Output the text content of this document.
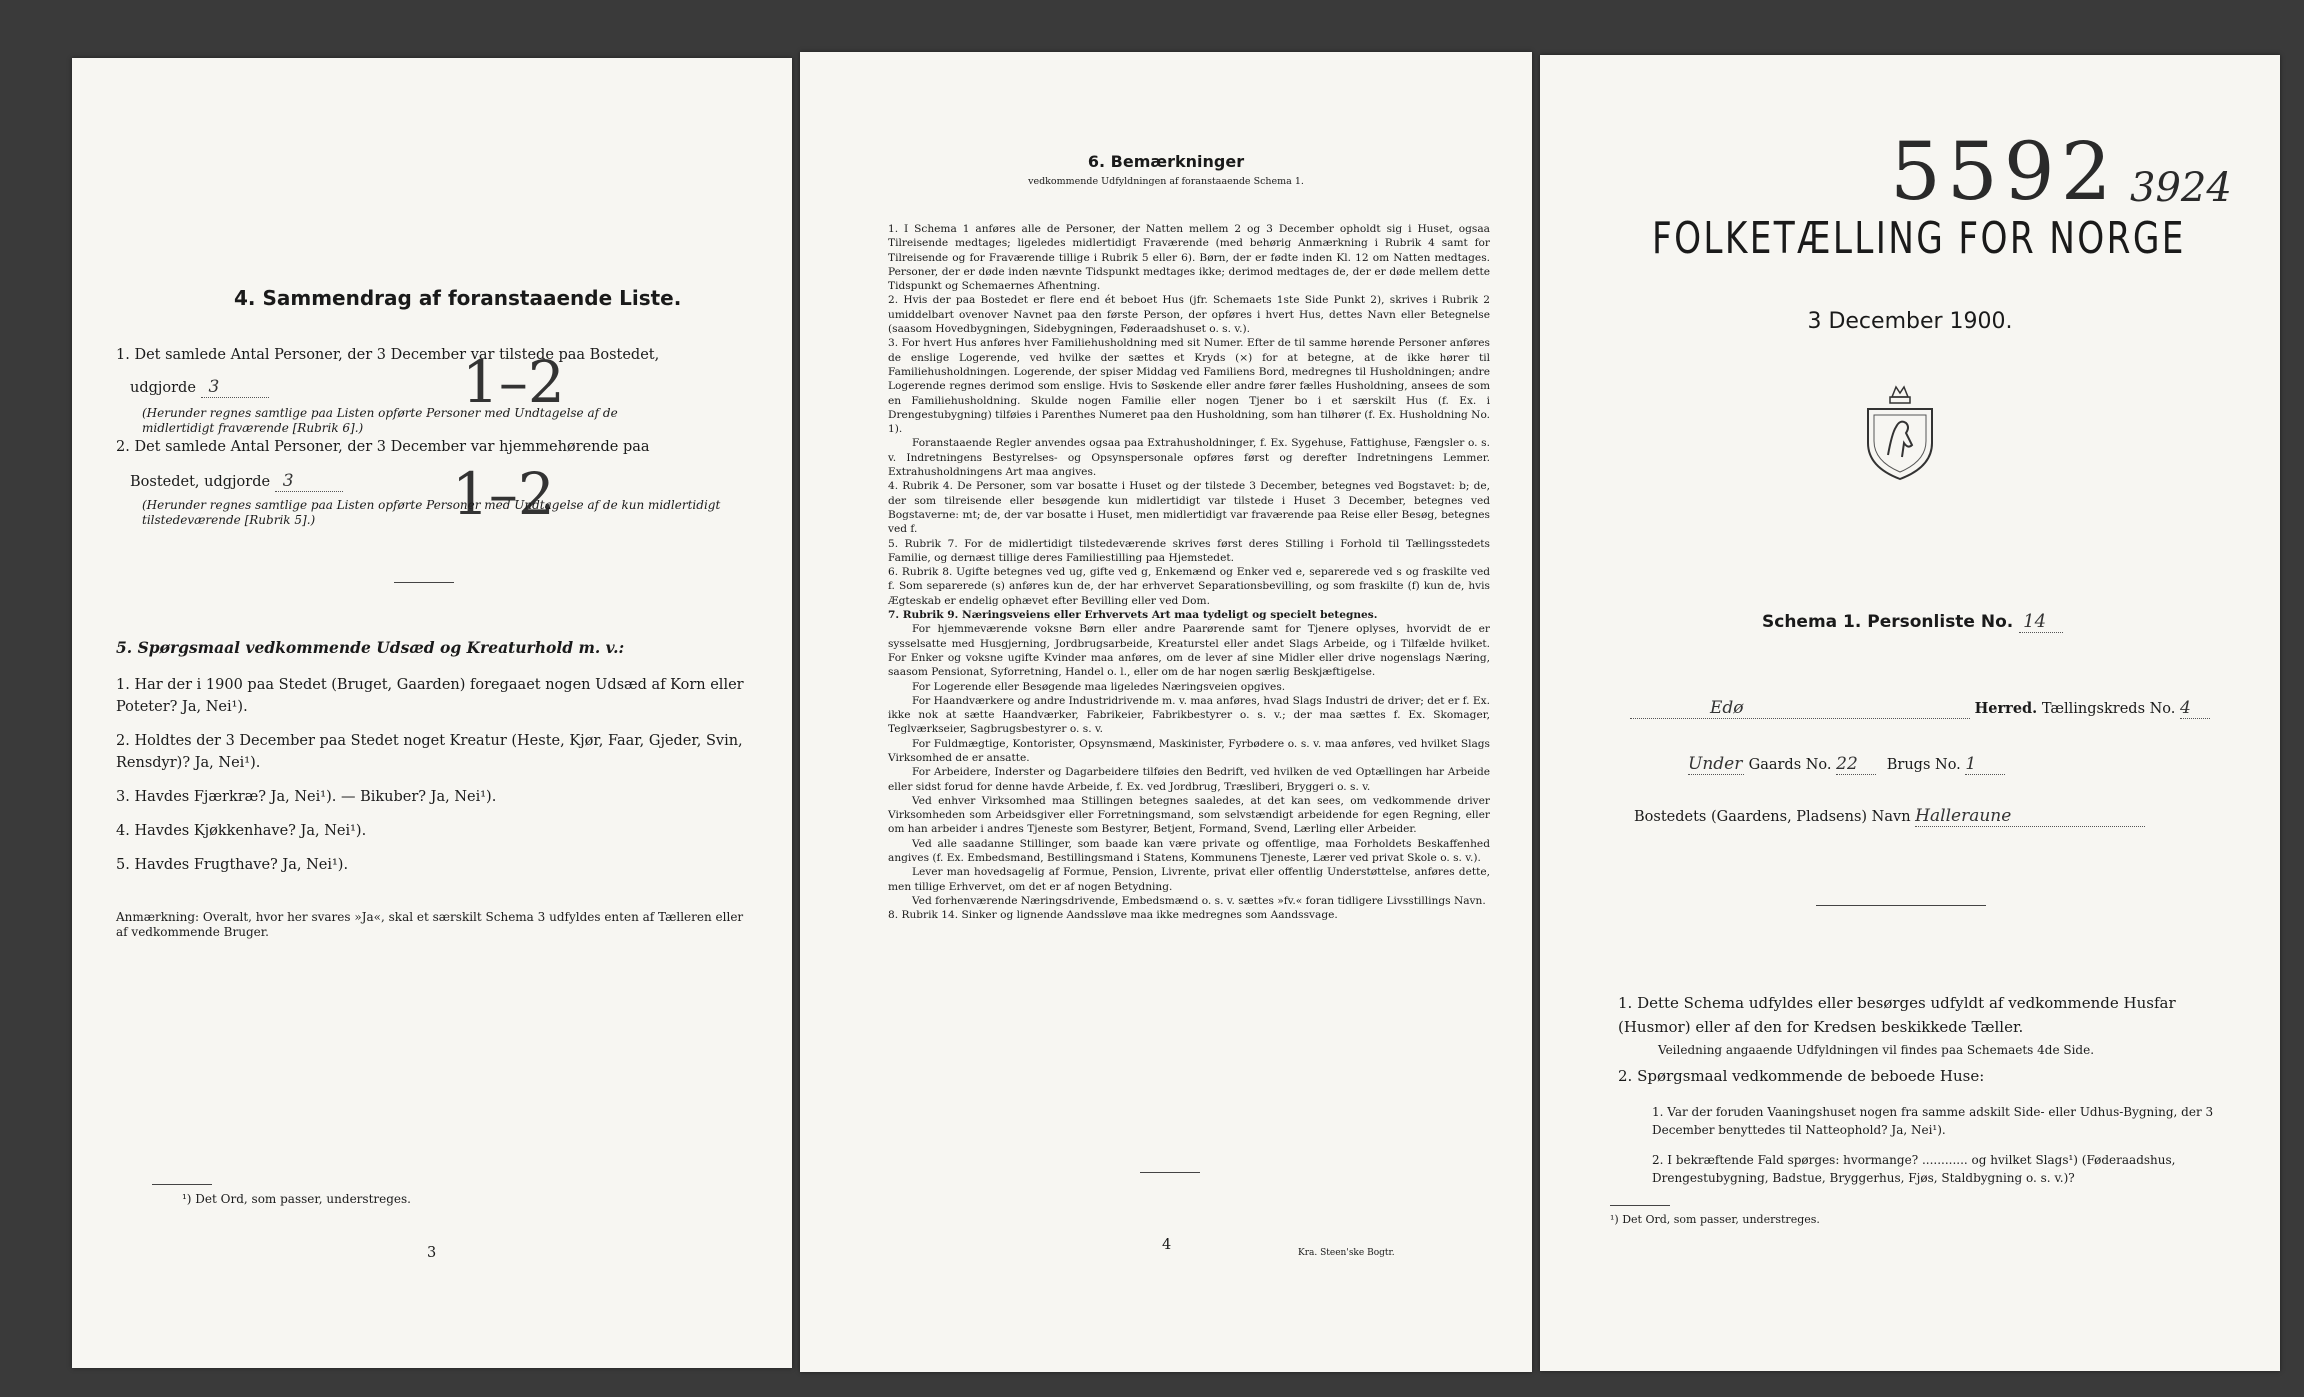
4. Sammendrag af foranstaaende Liste.
1. Det samlede Antal Personer, der 3 December var tilstede paa Bostedet,
udgjorde 3	1–2
(Herunder regnes samtlige paa Listen opførte Personer med Undtagelse af de midlertidigt fraværende [Rubrik 6].)
2. Det samlede Antal Personer, der 3 December var hjemmehørende paa
Bostedet, udgjorde 3	1–2
(Herunder regnes samtlige paa Listen opførte Personer med Undtagelse af de kun midlertidigt tilstedeværende [Rubrik 5].)
5. Spørgsmaal vedkommende Udsæd og Kreaturhold m. v.:
1. Har der i 1900 paa Stedet (Bruget, Gaarden) foregaaet nogen Udsæd af Korn eller Poteter? Ja, Nei¹).
2. Holdtes der 3 December paa Stedet noget Kreatur (Heste, Kjør, Faar, Gjeder, Svin, Rensdyr)? Ja, Nei¹).
3. Havdes Fjærkræ? Ja, Nei¹). — Bikuber? Ja, Nei¹).
4. Havdes Kjøkkenhave? Ja, Nei¹).
5. Havdes Frugthave? Ja, Nei¹).
Anmærkning: Overalt, hvor her svares »Ja«, skal et særskilt Schema 3 udfyldes enten af Tælleren eller af vedkommende Bruger.
¹) Det Ord, som passer, understreges.
3
6. Bemærkninger
vedkommende Udfyldningen af foranstaaende Schema 1.
1. I Schema 1 anføres alle de Personer, der Natten mellem 2 og 3 December opholdt sig i Huset, ogsaa Tilreisende medtages; ligeledes midlertidigt Fraværende (med behørig Anmærkning i Rubrik 4 samt for Tilreisende og for Fraværende tillige i Rubrik 5 eller 6). Børn, der er fødte inden Kl. 12 om Natten medtages. Personer, der er døde inden nævnte Tidspunkt medtages ikke; derimod medtages de, der er døde mellem dette Tidspunkt og Schemaernes Afhentning.
2. Hvis der paa Bostedet er flere end ét beboet Hus (jfr. Schemaets 1ste Side Punkt 2), skrives i Rubrik 2 umiddelbart ovenover Navnet paa den første Person, der opføres i hvert Hus, dettes Navn eller Betegnelse (saasom Hovedbygningen, Sidebygningen, Føderaadshuset o. s. v.).
3. For hvert Hus anføres hver Familiehusholdning med sit Numer. Efter de til samme hørende Personer anføres de enslige Logerende, ved hvilke der sættes et Kryds (×) for at betegne, at de ikke hører til Familiehusholdningen. Logerende, der spiser Middag ved Familiens Bord, medregnes til Husholdningen; andre Logerende regnes derimod som enslige. Hvis to Søskende eller andre fører fælles Husholdning, ansees de som en Familiehusholdning. Skulde nogen Familie eller nogen Tjener bo i et særskilt Hus (f. Ex. i Drengestubygning) tilføies i Parenthes Numeret paa den Husholdning, som han tilhører (f. Ex. Husholdning No. 1).
Foranstaaende Regler anvendes ogsaa paa Extrahusholdninger, f. Ex. Sygehuse, Fattighuse, Fængsler o. s. v. Indretningens Bestyrelses- og Opsynspersonale opføres først og derefter Indretningens Lemmer. Extrahusholdningens Art maa angives.
4. Rubrik 4. De Personer, som var bosatte i Huset og der tilstede 3 December, betegnes ved Bogstavet: b; de, der som tilreisende eller besøgende kun midlertidigt var tilstede i Huset 3 December, betegnes ved Bogstaverne: mt; de, der var bosatte i Huset, men midlertidigt var fraværende paa Reise eller Besøg, betegnes ved f.
5. Rubrik 7. For de midlertidigt tilstedeværende skrives først deres Stilling i Forhold til Tællingsstedets Familie, og dernæst tillige deres Familiestilling paa Hjemstedet.
6. Rubrik 8. Ugifte betegnes ved ug, gifte ved g, Enkemænd og Enker ved e, separerede ved s og fraskilte ved f. Som separerede (s) anføres kun de, der har erhvervet Separationsbevilling, og som fraskilte (f) kun de, hvis Ægteskab er endelig ophævet efter Bevilling eller ved Dom.
7. Rubrik 9. Næringsveiens eller Erhvervets Art maa tydeligt og specielt betegnes.
For hjemmeværende voksne Børn eller andre Paarørende samt for Tjenere oplyses, hvorvidt de er sysselsatte med Husgjerning, Jordbrugsarbeide, Kreaturstel eller andet Slags Arbeide, og i Tilfælde hvilket. For Enker og voksne ugifte Kvinder maa anføres, om de lever af sine Midler eller drive nogenslags Næring, saasom Pensionat, Syforretning, Handel o. l., eller om de har nogen særlig Beskjæftigelse.
For Logerende eller Besøgende maa ligeledes Næringsveien opgives.
For Haandværkere og andre Industridrivende m. v. maa anføres, hvad Slags Industri de driver; det er f. Ex. ikke nok at sætte Haandværker, Fabrikeier, Fabrikbestyrer o. s. v.; der maa sættes f. Ex. Skomager, Teglværkseier, Sagbrugsbestyrer o. s. v.
For Fuldmægtige, Kontorister, Opsynsmænd, Maskinister, Fyrbødere o. s. v. maa anføres, ved hvilket Slags Virksomhed de er ansatte.
For Arbeidere, Inderster og Dagarbeidere tilføies den Bedrift, ved hvilken de ved Optællingen har Arbeide eller sidst forud for denne havde Arbeide, f. Ex. ved Jordbrug, Træsliberi, Bryggeri o. s. v.
Ved enhver Virksomhed maa Stillingen betegnes saaledes, at det kan sees, om vedkommende driver Virksomheden som Arbeidsgiver eller Forretningsmand, som selvstændigt arbeidende for egen Regning, eller om han arbeider i andres Tjeneste som Bestyrer, Betjent, Formand, Svend, Lærling eller Arbeider.
Ved alle saadanne Stillinger, som baade kan være private og offentlige, maa Forholdets Beskaffenhed angives (f. Ex. Embedsmand, Bestillingsmand i Statens, Kommunens Tjeneste, Lærer ved privat Skole o. s. v.).
Lever man hovedsagelig af Formue, Pension, Livrente, privat eller offentlig Understøttelse, anføres dette, men tillige Erhvervet, om det er af nogen Betydning.
Ved forhenværende Næringsdrivende, Embedsmænd o. s. v. sættes »fv.« foran tidligere Livsstillings Navn.
8. Rubrik 14. Sinker og lignende Aandssløve maa ikke medregnes som Aandssvage.
4	Kra. Steen'ske Bogtr.
5592 3924
FOLKETÆLLING FOR NORGE
3 December 1900.
Schema 1. Personliste No. 14
Edø	Herred. Tællingskreds No. 4
Under Gaards No. 22 Brugs No. 1
Bostedets (Gaardens, Pladsens) Navn Halleraune
1. Dette Schema udfyldes eller besørges udfyldt af vedkommende Husfar (Husmor) eller af den for Kredsen beskikkede Tæller.
Veiledning angaaende Udfyldningen vil findes paa Schemaets 4de Side.
2. Spørgsmaal vedkommende de beboede Huse:
1. Var der foruden Vaaningshuset nogen fra samme adskilt Side- eller Udhus-Bygning, der 3 December benyttedes til Natteophold? Ja, Nei¹).
2. I bekræftende Fald spørges: hvormange? ............ og hvilket Slags¹) (Føderaadshus, Drengestubygning, Badstue, Bryggerhus, Fjøs, Staldbygning o. s. v.)?
¹) Det Ord, som passer, understreges.
